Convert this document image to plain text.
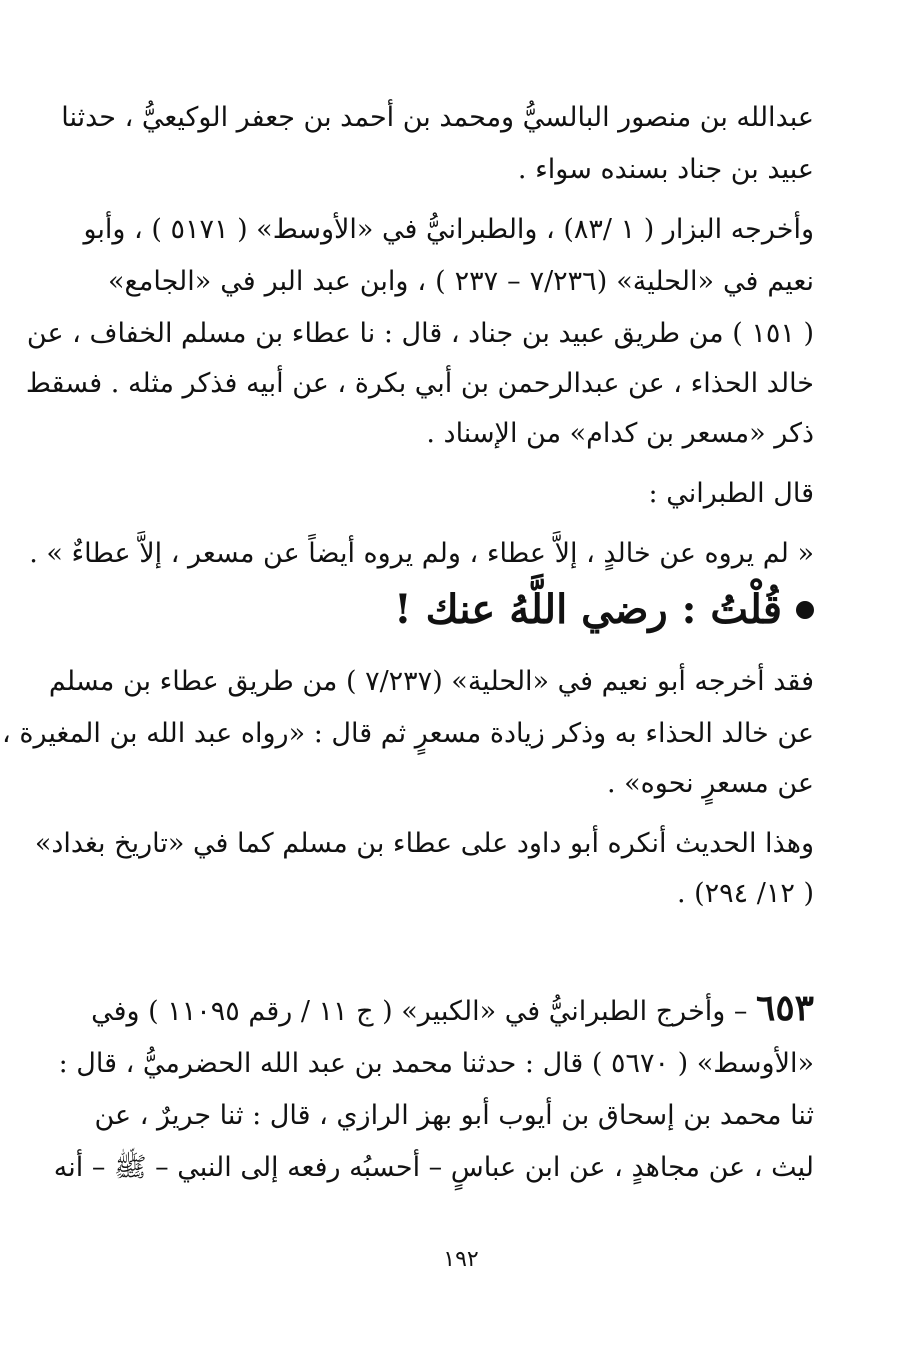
عبدالله بن منصور البالسيُّ ومحمد بن أحمد بن جعفر الوكيعيُّ ، حدثنا
عبيد بن جناد بسنده سواء .
وأخرجه البزار ( ١ /٨٣) ، والطبرانيُّ في «الأوسط» ( ٥١٧١ ) ، وأبو
نعيم في «الحلية» (٧/٢٣٦ – ٢٣٧ ) ، وابن عبد البر في «الجامع»
( ١٥١ ) من طريق عبيد بن جناد ، قال : نا عطاء بن مسلم الخفاف ، عن
خالد الحذاء ، عن عبدالرحمن بن أبي بكرة ، عن أبيه فذكر مثله . فسقط
ذكر «مسعر بن كدام» من الإسناد .
قال الطبراني :
« لم يروه عن خالدٍ ، إلاَّ عطاء ، ولم يروه أيضاً عن مسعر ، إلاَّ عطاءٌ » .
قُلْتُ : رضي اللَّهُ عنك !
فقد أخرجه أبو نعيم في «الحلية» (٧/٢٣٧ ) من طريق عطاء بن مسلم
عن خالد الحذاء به وذكر زيادة مسعرٍ ثم قال : «رواه عبد الله بن المغيرة ،
عن مسعرٍ نحوه» .
وهذا الحديث أنكره أبو داود على عطاء بن مسلم كما في «تاريخ بغداد»
( ١٢/ ٢٩٤) .
٦٥٣ – وأخرج الطبرانيُّ في «الكبير» ( ج ١١ / رقم ١١٠٩٥ ) وفي
«الأوسط» ( ٥٦٧٠ ) قال : حدثنا محمد بن عبد الله الحضرميُّ ، قال :
ثنا محمد بن إسحاق بن أيوب أبو بهز الرازي ، قال : ثنا جريرٌ ، عن
ليث ، عن مجاهدٍ ، عن ابن عباسٍ – أحسبُه رفعه إلى النبي – ﷺ – أنه
١٩٢
